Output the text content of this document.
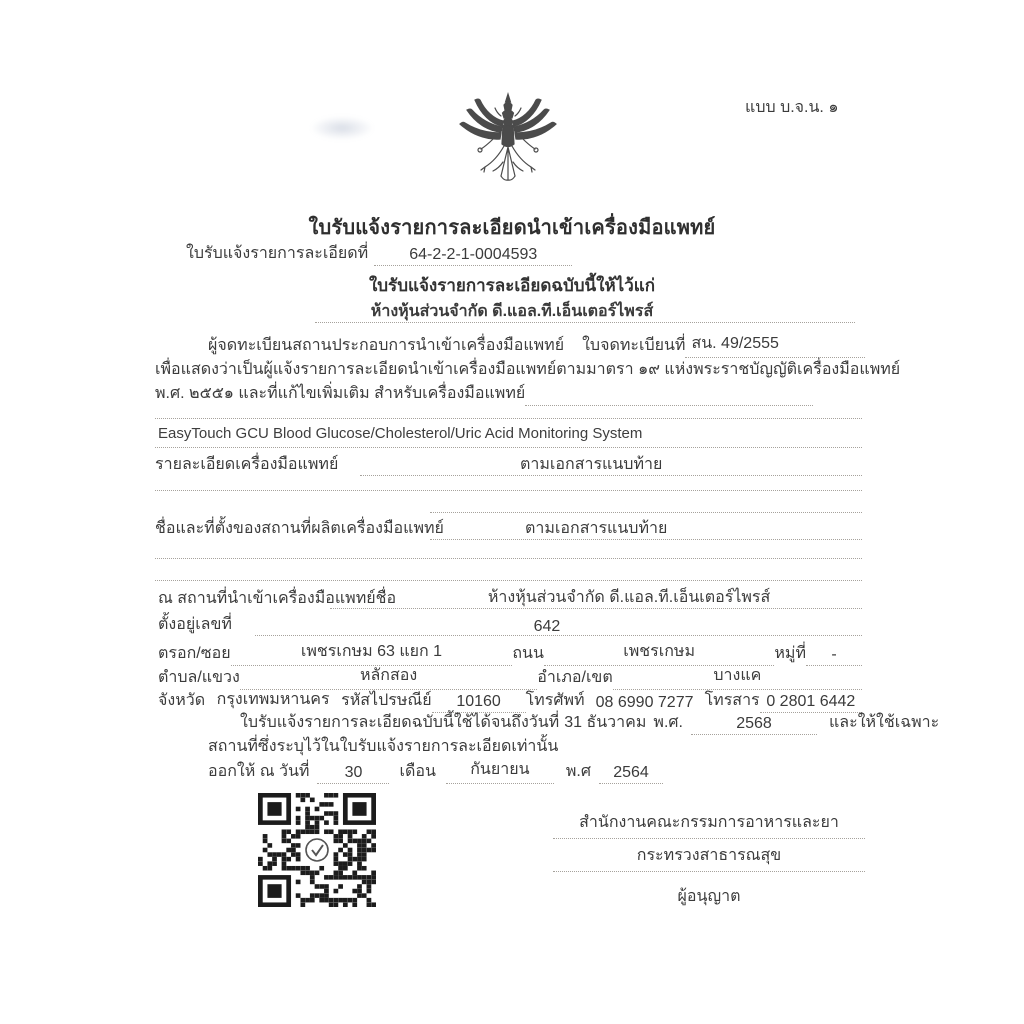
แบบ บ.จ.น. ๑
ใบรับแจ้งรายการละเอียดนำเข้าเครื่องมือแพทย์
ใบรับแจ้งรายการละเอียดที่	64-2-2-1-0004593
ใบรับแจ้งรายการละเอียดฉบับนี้ให้ไว้แก่
ห้างหุ้นส่วนจำกัด ดี.แอล.ที.เอ็นเตอร์ไพรส์
ผู้จดทะเบียนสถานประกอบการนำเข้าเครื่องมือแพทย์ ใบจดทะเบียนที่ สน. 49/2555
เพื่อแสดงว่าเป็นผู้แจ้งรายการละเอียดนำเข้าเครื่องมือแพทย์ตามมาตรา ๑๙ แห่งพระราชบัญญัติเครื่องมือแพทย์
พ.ศ. ๒๕๕๑ และที่แก้ไขเพิ่มเติม สำหรับเครื่องมือแพทย์
EasyTouch GCU Blood Glucose/Cholesterol/Uric Acid Monitoring System
รายละเอียดเครื่องมือแพทย์	ตามเอกสารแนบท้าย
ชื่อและที่ตั้งของสถานที่ผลิตเครื่องมือแพทย์	ตามเอกสารแนบท้าย
ณ สถานที่นำเข้าเครื่องมือแพทย์ชื่อ	ห้างหุ้นส่วนจำกัด ดี.แอล.ที.เอ็นเตอร์ไพรส์
ตั้งอยู่เลขที่	642
ตรอก/ซอย	เพชรเกษม 63 แยก 1	ถนน	เพชรเกษม	หมู่ที่	-
ตำบล/แขวง	หลักสอง	อำเภอ/เขต	บางแค
จังหวัด กรุงเทพมหานคร รหัสไปรษณีย์	10160	โทรศัพท์ 08 6990 7277 โทรสาร 0 2801 6442
ใบรับแจ้งรายการละเอียดฉบับนี้ใช้ได้จนถึงวันที่ 31 ธันวาคม พ.ศ.	2568	และให้ใช้เฉพาะ
สถานที่ซึ่งระบุไว้ในใบรับแจ้งรายการละเอียดเท่านั้น
ออกให้ ณ วันที่	30	เดือน	กันยายน	พ.ศ	2564
สำนักงานคณะกรรมการอาหารและยา
กระทรวงสาธารณสุข
ผู้อนุญาต
